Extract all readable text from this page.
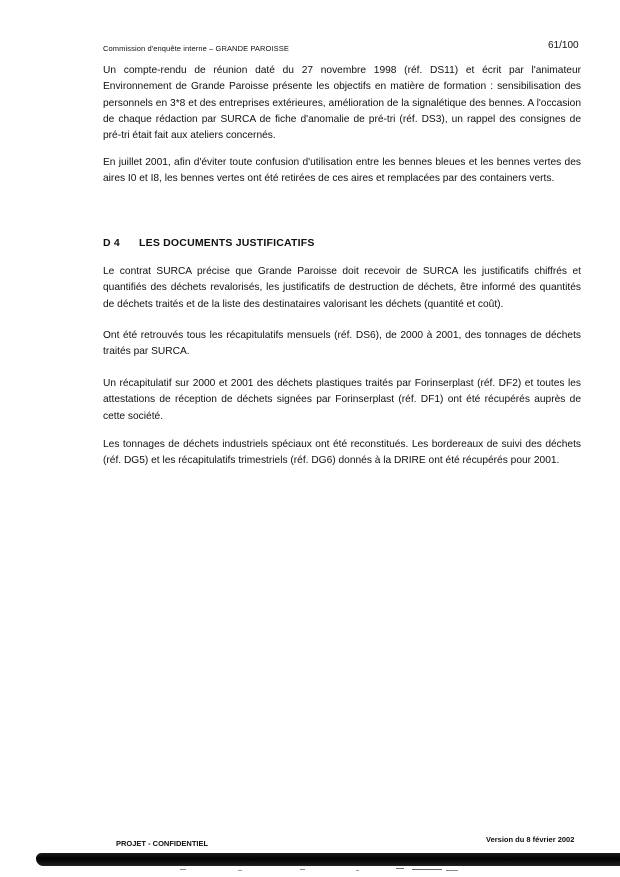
Commission d'enquête interne – GRANDE PAROISSE	61/100
Un compte-rendu de réunion daté du 27 novembre 1998 (réf. DS11) et écrit par l'animateur Environnement de Grande Paroisse présente les objectifs en matière de formation : sensibilisation des personnels en 3*8 et des entreprises extérieures, amélioration de la signalétique des bennes. A l'occasion de chaque rédaction par SURCA de fiche d'anomalie de pré-tri (réf. DS3), un rappel des consignes de pré-tri était fait aux ateliers concernés.
En juillet 2001, afin d'éviter toute confusion d'utilisation entre les bennes bleues et les bennes vertes des aires I0 et I8, les bennes vertes ont été retirées de ces aires et remplacées par des containers verts.
D 4 LES DOCUMENTS JUSTIFICATIFS
Le contrat SURCA précise que Grande Paroisse doit recevoir de SURCA les justificatifs chiffrés et quantifiés des déchets revalorisés, les justificatifs de destruction de déchets, être informé des quantités de déchets traités et de la liste des destinataires valorisant les déchets (quantité et coût).
Ont été retrouvés tous les récapitulatifs mensuels (réf. DS6), de 2000 à 2001, des tonnages de déchets traités par SURCA.
Un récapitulatif sur 2000 et 2001 des déchets plastiques traités par Forinserplast (réf. DF2) et toutes les attestations de réception de déchets signées par Forinserplast (réf. DF1) ont été récupérés auprès de cette société.
Les tonnages de déchets industriels spéciaux ont été reconstitués. Les bordereaux de suivi des déchets (réf. DG5) et les récapitulatifs trimestriels (réf. DG6) donnés à la DRIRE ont été récupérés pour 2001.
PROJET - CONFIDENTIEL	Version du 8 février 2002
